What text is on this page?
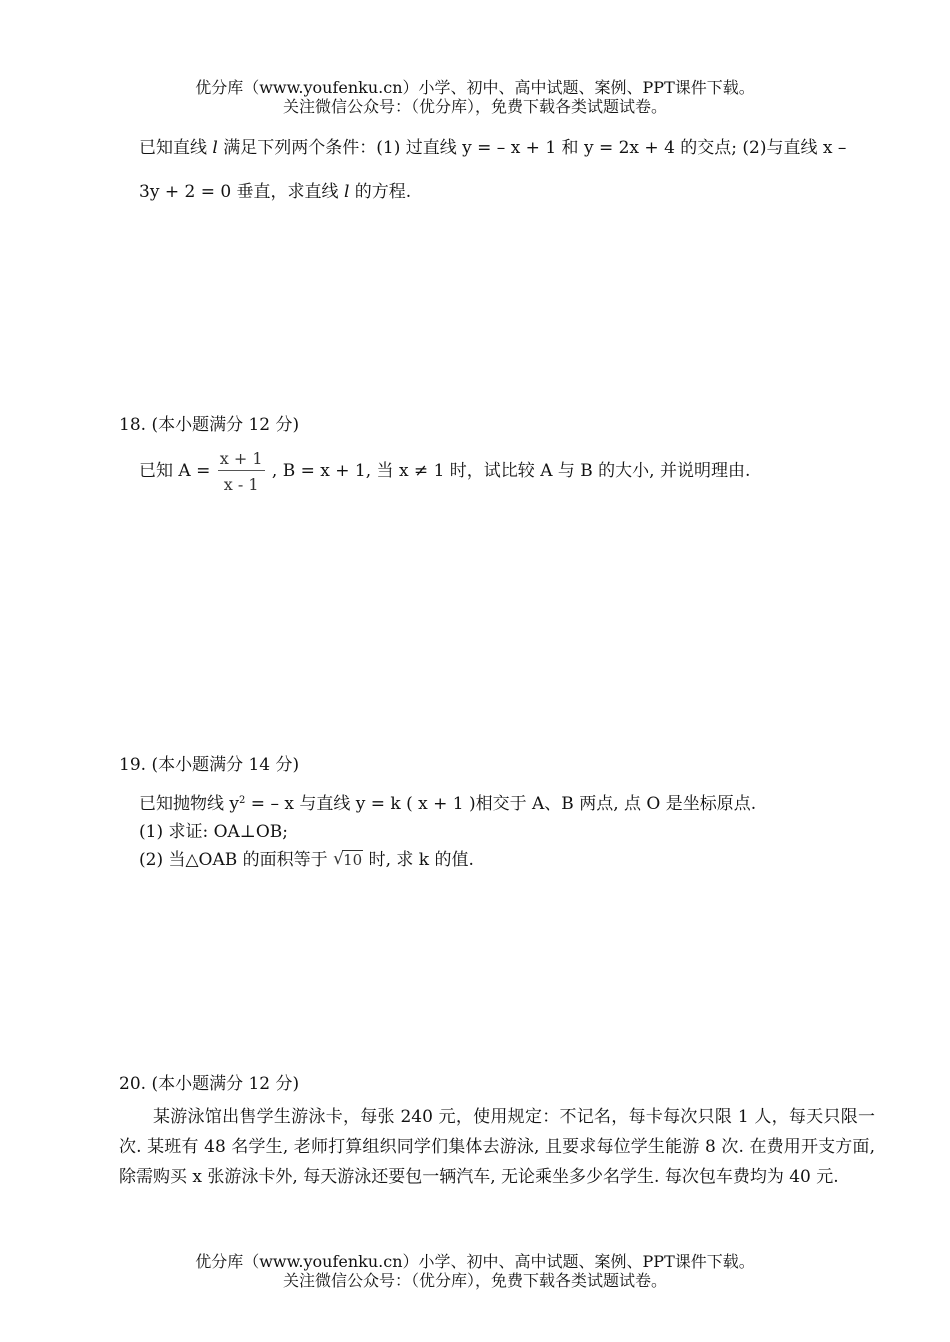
优分库（www.youfenku.cn）小学、初中、高中试题、案例、PPT课件下载。
关注微信公众号：（优分库），免费下载各类试题试卷。
已知直线 l 满足下列两个条件：(1) 过直线 y = – x + 1 和 y = 2x + 4 的交点; (2)与直线 x –
3y + 2 = 0 垂直，求直线 l 的方程.
18. (本小题满分 12 分)
已知 $A = \frac{x + 1}{x - 1}$ , B = x + 1, 当 x ≠ 1 时，试比较 A 与 B 的大小, 并说明理由.
19. (本小题满分 14 分)
已知抛物线 $y^2$ = – x 与直线 y = k ( x + 1 )相交于 A、B 两点, 点 O 是坐标原点.
(1) 求证: OA⊥OB;
(2) 当△OAB 的面积等于 √ 10 时, 求 k 的值.
20. (本小题满分 12 分)
某游泳馆出售学生游泳卡，每张 240 元，使用规定：不记名，每卡每次只限 1 人，每天只限一次. 某班有 48 名学生, 老师打算组织同学们集体去游泳, 且要求每位学生能游 8 次. 在费用开支方面, 除需购买 x 张游泳卡外, 每天游泳还要包一辆汽车, 无论乘坐多少名学生. 每次包车费均为 40 元.
优分库（www.youfenku.cn）小学、初中、高中试题、案例、PPT课件下载。
关注微信公众号：（优分库），免费下载各类试题试卷。
